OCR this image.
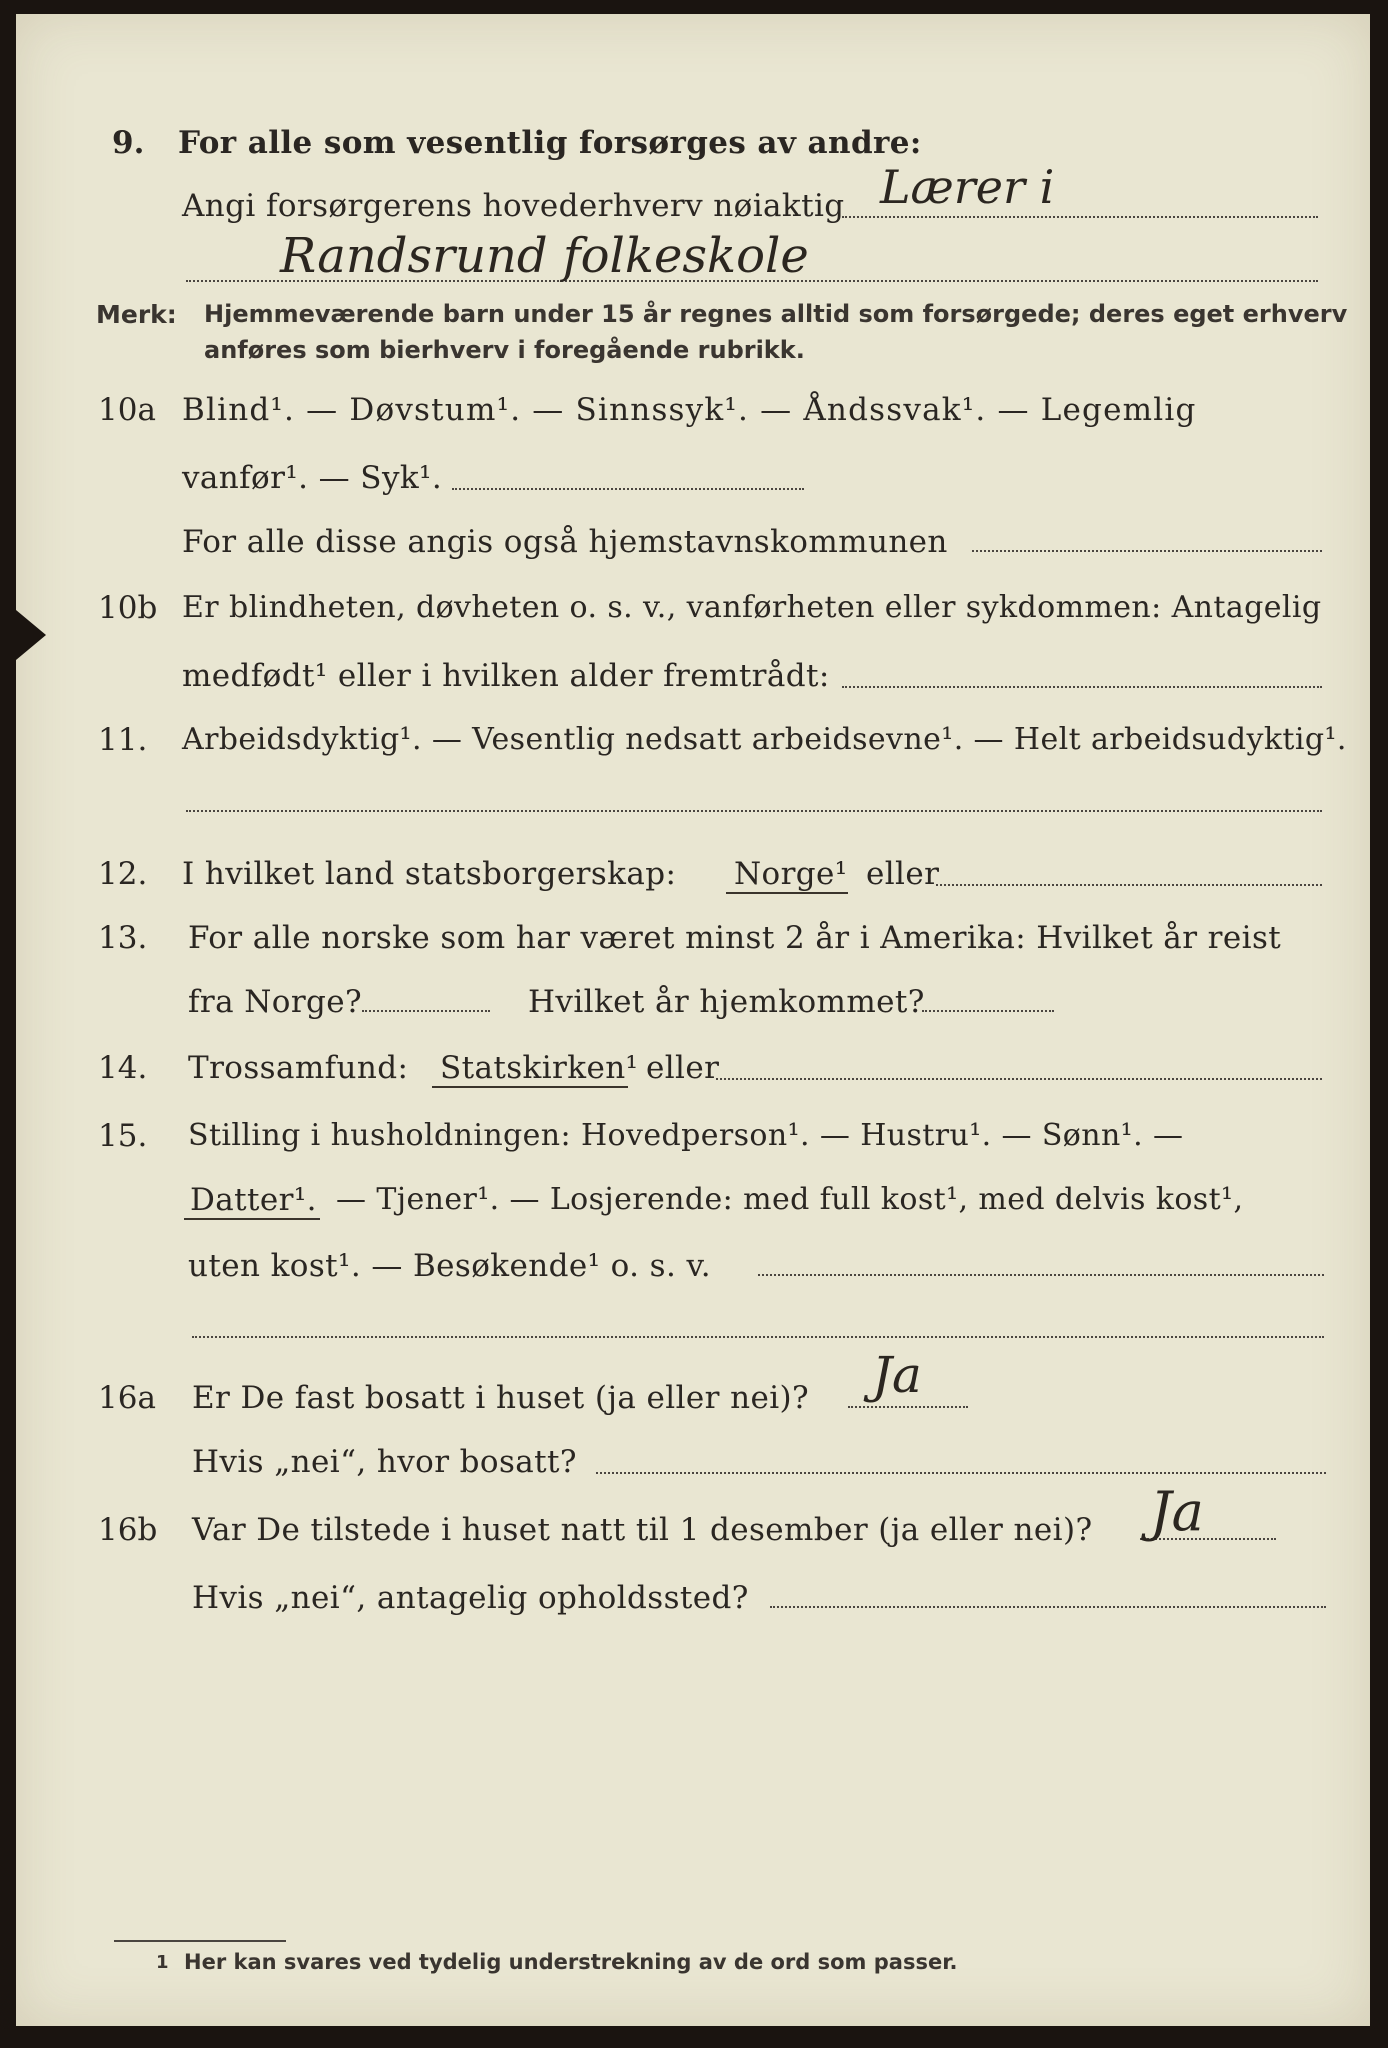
9. For alle som vesentlig forsørges av andre:
Angi forsørgerens hovederhverv nøiaktig Lærer i
Randsrund folkeskole
Merk: Hjemmeværende barn under 15 år regnes alltid som forsørgede; deres eget erhverv
anføres som bierhverv i foregående rubrikk.
10a Blind¹. — Døvstum¹. — Sinnssyk¹. — Åndssvak¹. — Legemlig
vanfør¹. — Syk¹.
For alle disse angis også hjemstavnskommunen
10b Er blindheten, døvheten o. s. v., vanførheten eller sykdommen: Antagelig
medfødt¹ eller i hvilken alder fremtrådt:
11. Arbeidsdyktig¹. — Vesentlig nedsatt arbeidsevne¹. — Helt arbeidsudyktig¹.
12. I hvilket land statsborgerskap: Norge¹ eller
13. For alle norske som har været minst 2 år i Amerika: Hvilket år reist
fra Norge?	Hvilket år hjemkommet?
14. Trossamfund: Statskirken¹ eller
15. Stilling i husholdningen: Hovedperson¹. — Hustru¹. — Sønn¹. —
Datter¹. — Tjener¹. — Losjerende: med full kost¹, med delvis kost¹,
uten kost¹. — Besøkende¹ o. s. v.
16a Er De fast bosatt i huset (ja eller nei)? Ja
Hvis „nei“, hvor bosatt?
16b Var De tilstede i huset natt til 1 desember (ja eller nei)? Ja
Hvis „nei“, antagelig opholdssted?
1 Her kan svares ved tydelig understrekning av de ord som passer.
